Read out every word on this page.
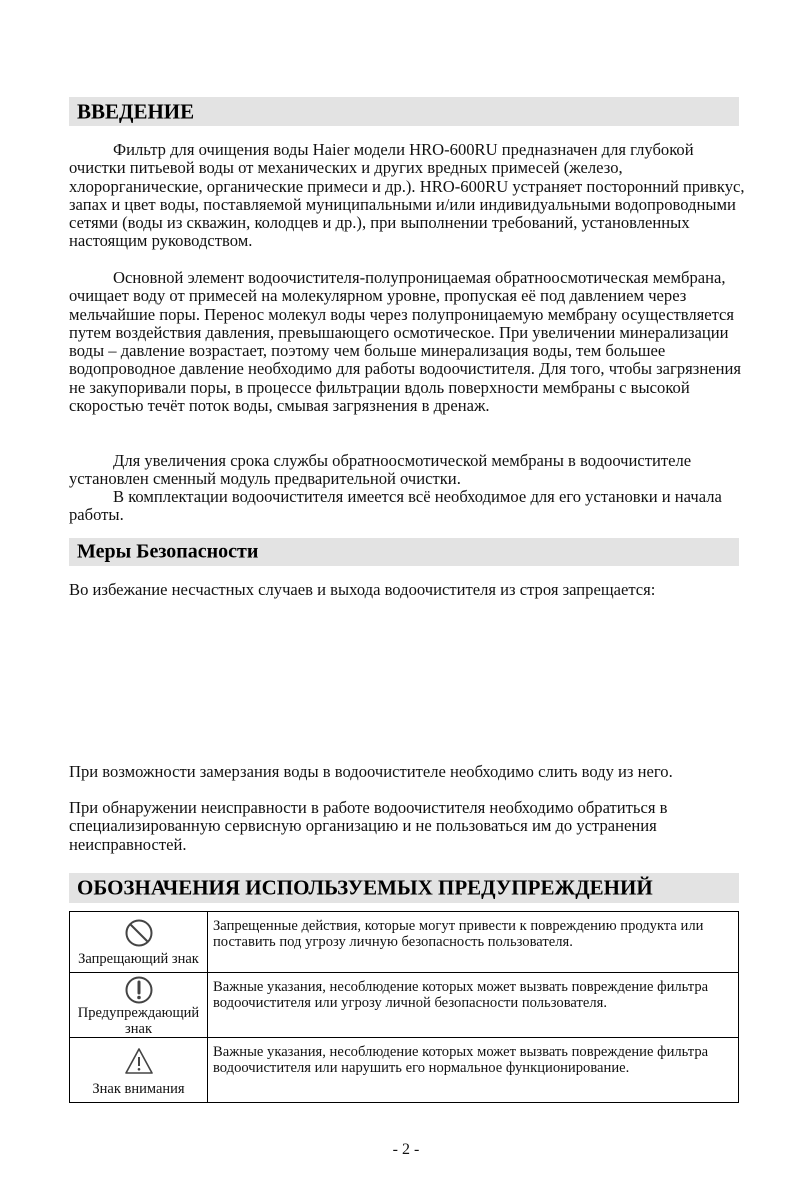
ВВЕДЕНИЕ

Фильтр для очищения воды Haier модели HRO-600RU предназначен для глубокой очистки питьевой воды от механических и других вредных примесей (железо, хлорорганические, органические примеси и др.). HRO-600RU устраняет посторонний привкус, запах и цвет воды, поставляемой муниципальными и/или индивидуальными водопроводными сетями (воды из скважин, колодцев и др.), при выполнении требований, установленных настоящим руководством.

Основной элемент водоочистителя-полупроницаемая обратноосмотическая мембрана, очищает воду от примесей на молекулярном уровне, пропуская её под давлением через мельчайшие поры. Перенос молекул воды через полупроницаемую мембрану осуществляется путем воздействия давления, превышающего осмотическое. При увеличении минерализации воды – давление возрастает, поэтому чем больше минерализация воды, тем большее водопроводное давление необходимо для работы водоочистителя. Для того, чтобы загрязнения не закупоривали поры, в процессе фильтрации вдоль поверхности мембраны с высокой скоростью течёт поток воды, смывая загрязнения в дренаж.

Для увеличения срока службы обратноосмотической мембраны в водоочистителе установлен сменный модуль предварительной очистки.

В комплектации водоочистителя имеется всё необходимое для его установки и начала работы.

Меры Безопасности

Во избежание несчастных случаев и выхода водоочистителя из строя запрещается:

При возможности замерзания воды в водоочистителе необходимо слить воду из него.

При обнаружении неисправности в работе водоочистителя необходимо обратиться в специализированную сервисную организацию и не пользоваться им до устранения неисправностей.

ОБОЗНАЧЕНИЯ ИСПОЛЬЗУЕМЫХ ПРЕДУПРЕЖДЕНИЙ
Запрещающий знак	Запрещенные действия, которые могут привести к повреждению продукта или поставить под угрозу личную безопасность пользователя.

Предупреждающий знак	Важные указания, несоблюдение которых может вызвать повреждение фильтра водоочистителя или угрозу личной безопасности пользователя.

Знак внимания	Важные указания, несоблюдение которых может вызвать повреждение фильтра водоочистителя или нарушить его нормальное функционирование.
- 2 -
